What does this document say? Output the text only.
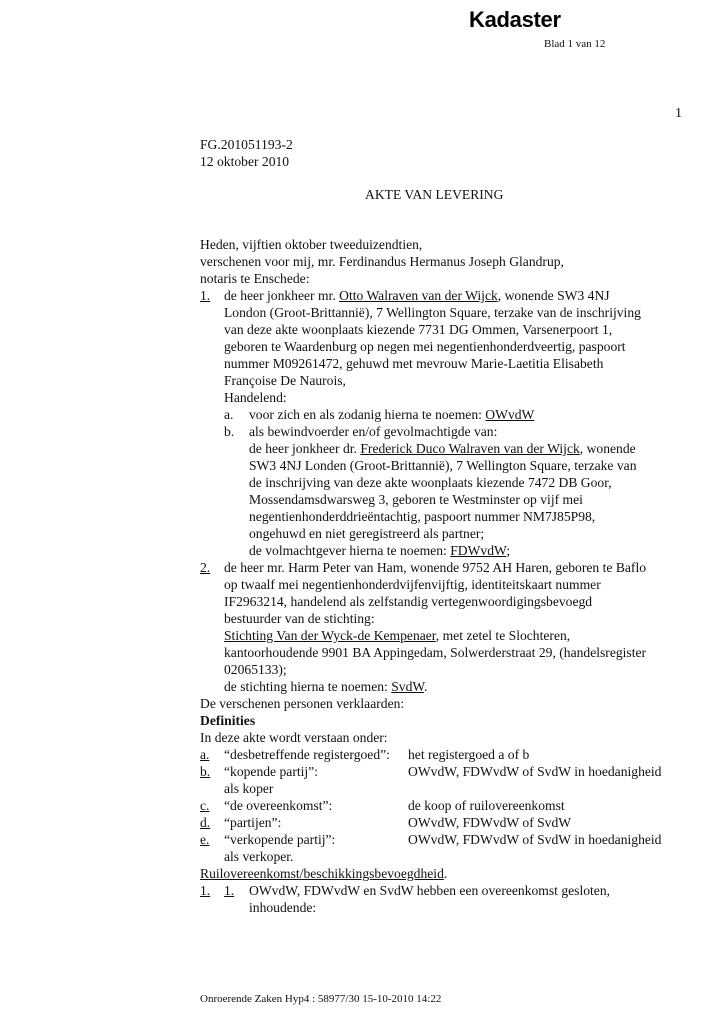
Kadaster
Blad 1 van 12
1
FG.201051193-2
12 oktober 2010
AKTE VAN LEVERING
Heden, vijftien oktober tweeduizendtien,
verschenen voor mij, mr. Ferdinandus Hermanus Joseph Glandrup,
notaris te Enschede:
1. de heer jonkheer mr. Otto Walraven van der Wijck, wonende SW3 4NJ
London (Groot-Brittannië), 7 Wellington Square, terzake van de inschrijving
van deze akte woonplaats kiezende 7731 DG Ommen, Varsenerpoort 1,
geboren te Waardenburg op negen mei negentienhonderdveertig, paspoort
nummer M09261472, gehuwd met mevrouw Marie-Laetitia Elisabeth
Françoise De Naurois,
Handelend:
a. voor zich en als zodanig hierna te noemen: OWvdW
b. als bewindvoerder en/of gevolmachtigde van:
de heer jonkheer dr. Frederick Duco Walraven van der Wijck, wonende
SW3 4NJ Londen (Groot-Brittannië), 7 Wellington Square, terzake van
de inschrijving van deze akte woonplaats kiezende 7472 DB Goor,
Mossendamsdwarsweg 3, geboren te Westminster op vijf mei
negentienhonderddrieëntachtig, paspoort nummer NM7J85P98,
ongehuwd en niet geregistreerd als partner;
de volmachtgever hierna te noemen: FDWvdW;
2. de heer mr. Harm Peter van Ham, wonende 9752 AH Haren, geboren te Baflo
op twaalf mei negentienhonderdvijfenvijftig, identiteitskaart nummer
IF2963214, handelend als zelfstandig vertegenwoordigingsbevoegd
bestuurder van de stichting:
Stichting Van der Wyck-de Kempenaer, met zetel te Slochteren,
kantoorhoudende 9901 BA Appingedam, Solwerderstraat 29, (handelsregister
02065133);
de stichting hierna te noemen: SvdW.
De verschenen personen verklaarden:
Definities
In deze akte wordt verstaan onder:
a. “desbetreffende registergoed”: het registergoed a of b
b. “kopende partij”:	OWvdW, FDWvdW of SvdW in hoedanigheid
als koper
c. “de overeenkomst”:	de koop of ruilovereenkomst
d. “partijen”:	OWvdW, FDWvdW of SvdW
e. “verkopende partij”:	OWvdW, FDWvdW of SvdW in hoedanigheid
als verkoper.
Ruilovereenkomst/beschikkingsbevoegdheid.
1. 1. OWvdW, FDWvdW en SvdW hebben een overeenkomst gesloten,
inhoudende:
Onroerende Zaken Hyp4 : 58977/30 15-10-2010 14:22
